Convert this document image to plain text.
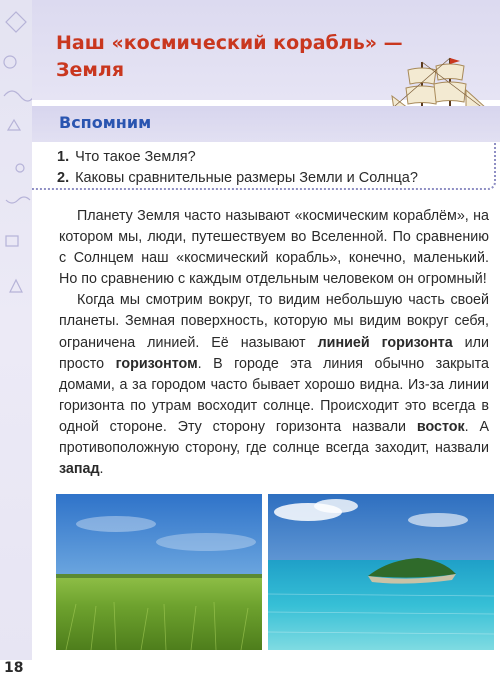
Наш «космический корабль» —
Земля
Вспомним
1. Что такое Земля?
2. Каковы сравнительные размеры Земли и Солнца?

Планету Земля часто называют «космическим кораблём», на котором мы, люди, путешествуем во Вселенной. По сравнению с Солнцем наш «космический корабль», конечно, маленький. Но по сравнению с каждым отдельным человеком он огромный!

Когда мы смотрим вокруг, то видим небольшую часть своей планеты. Земная поверхность, которую мы видим вокруг себя, ограничена линией. Её называют линией горизонта или просто горизонтом. В городе эта линия обычно закрыта домами, а за городом часто бывает хорошо видна. Из-за линии горизонта по утрам восходит солнце. Происходит это всегда в одной стороне. Эту сторону горизонта назвали восток. А противоположную сторону, где солнце всегда заходит, назвали запад.

18
